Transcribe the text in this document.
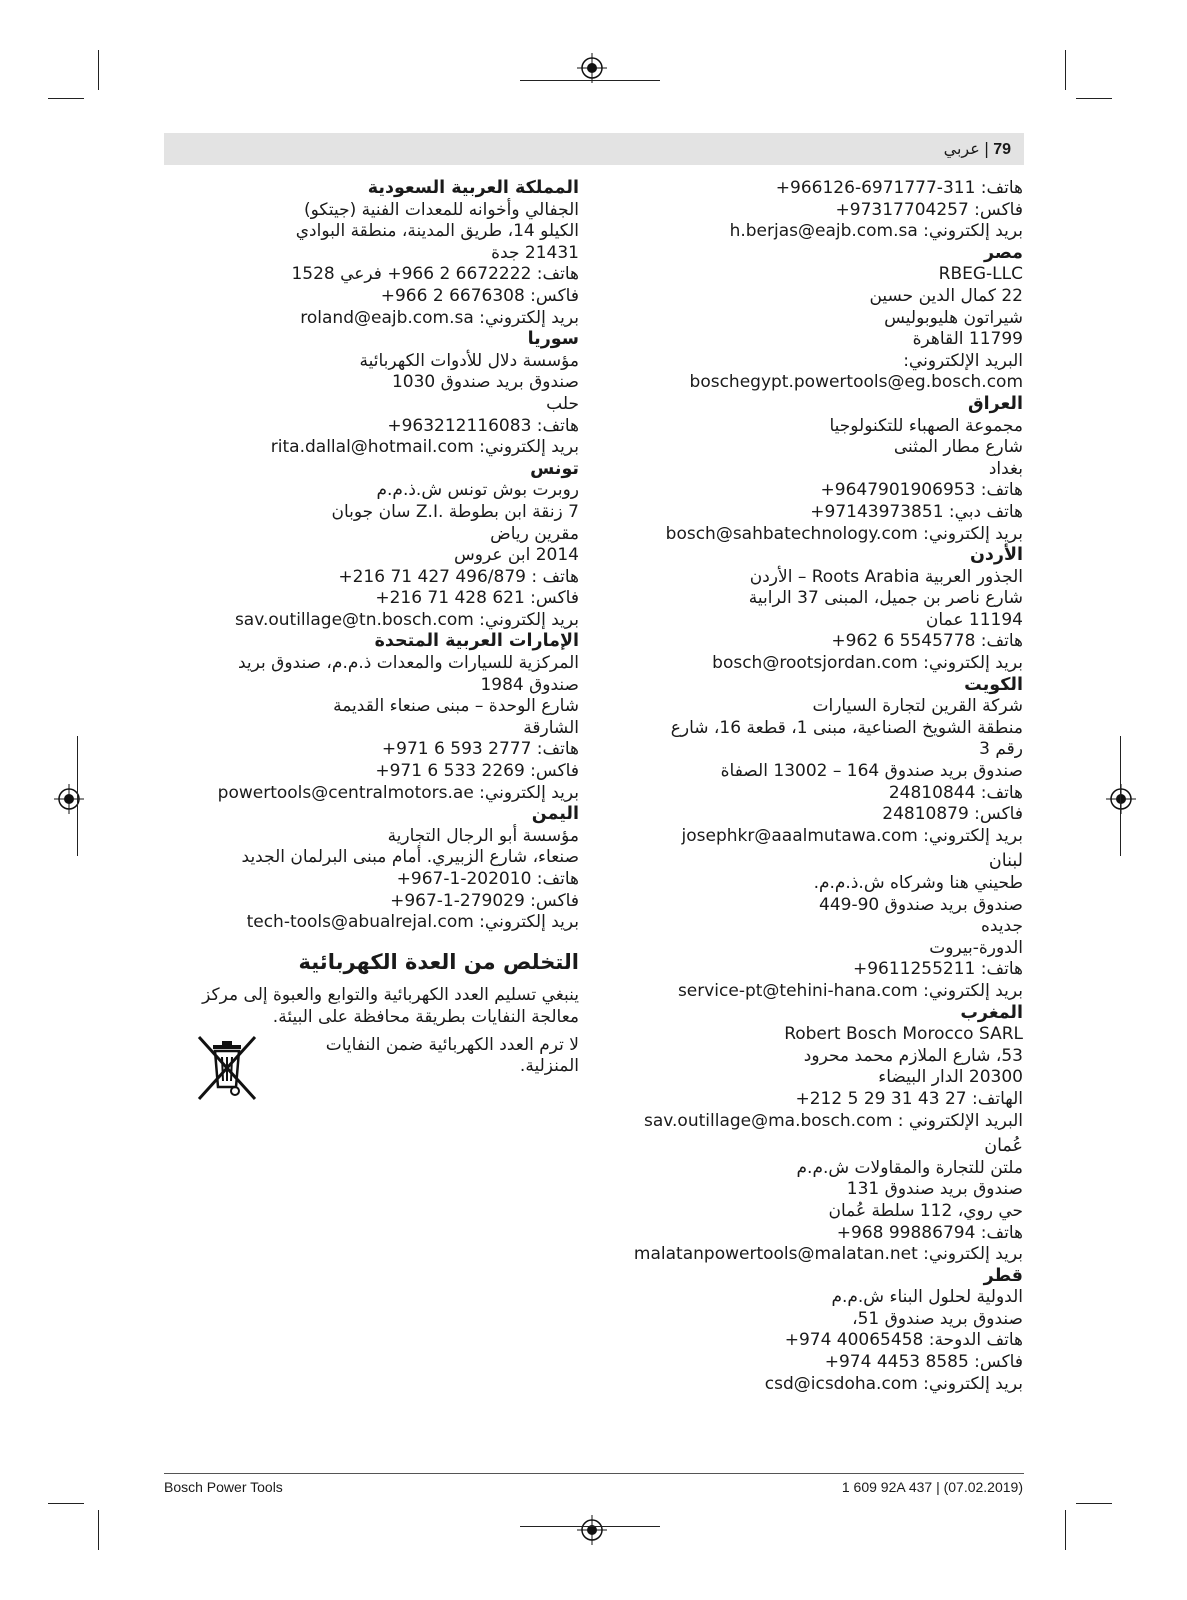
79|عربي
هاتف: 311-6971777-966126+
فاكس: 97317704257+
بريد إلكتروني: h.berjas@eajb.com.sa
مصر
RBEG-LLC
22 كمال الدين حسين
شيراتون هليوبوليس
11799 القاهرة
البريد الإلكتروني:
boschegypt.powertools@eg.bosch.com
العراق
مجموعة الصهباء للتكنولوجيا
شارع مطار المثنى
بغداد
هاتف: 9647901906953+
هاتف دبي: 97143973851+
بريد إلكتروني: bosch@sahbatechnology.com
الأردن
الجذور العربية Roots Arabia – الأردن
شارع ناصر بن جميل، المبنى 37 الرابية
11194 عمان
هاتف: 5545778 6 962+
بريد إلكتروني: bosch@rootsjordan.com
الكويت
شركة القرين لتجارة السيارات
منطقة الشويخ الصناعية، مبنى 1، قطعة 16، شارع
رقم 3
صندوق بريد صندوق 164 – 13002 الصفاة
هاتف: 24810844
فاكس: 24810879
بريد إلكتروني: josephkr@aaalmutawa.com
لبنان
طحيني هنا وشركاه ش.ذ.م.م.
صندوق بريد صندوق 90-449
جديده
الدورة-بيروت
هاتف: 9611255211+
بريد إلكتروني: service-pt@tehini-hana.com
المغرب
Robert Bosch Morocco SARL
53، شارع الملازم محمد محرود
20300 الدار البيضاء
الهاتف: 27 43 31 29 5 212+
البريد الإلكتروني : sav.outillage@ma.bosch.com
عُمان
ملتن للتجارة والمقاولات ش.م.م
صندوق بريد صندوق 131
حي روي، 112 سلطة عُمان
هاتف: 99886794 968+
بريد إلكتروني: malatanpowertools@malatan.net
قطر
الدولية لحلول البناء ش.م.م
صندوق بريد صندوق 51،
هاتف الدوحة: 40065458 974+
فاكس: 8585 4453 974+
بريد إلكتروني: csd@icsdoha.com
المملكة العربية السعودية
الجفالي وأخوانه للمعدات الفنية (جيتكو)
الكيلو 14، طريق المدينة، منطقة البوادي
21431 جدة
هاتف: 6672222 2 966+ فرعي 1528
فاكس: 6676308 2 966+
بريد إلكتروني: roland@eajb.com.sa
سوريا
مؤسسة دلال للأدوات الكهربائية
صندوق بريد صندوق 1030
حلب
هاتف: 963212116083+
بريد إلكتروني: rita.dallal@hotmail.com
تونس
روبرت بوش تونس ش.ذ.م.م
7 زنقة ابن بطوطة .Z.I سان جوبان
مقرين رياض
2014 ابن عروس
هاتف : 496/879 427 71 216+
فاكس: 621 428 71 216+
بريد إلكتروني: sav.outillage@tn.bosch.com
الإمارات العربية المتحدة
المركزية للسيارات والمعدات ذ.م.م، صندوق بريد
صندوق 1984
شارع الوحدة – مبنى صنعاء القديمة
الشارقة
هاتف: 2777 593 6 971+
فاكس: 2269 533 6 971+
بريد إلكتروني: powertools@centralmotors.ae
اليمن
مؤسسة أبو الرجال التجارية
صنعاء، شارع الزبيري. أمام مبنى البرلمان الجديد
هاتف: 202010-1-967+
فاكس: 279029-1-967+
بريد إلكتروني: tech-tools@abualrejal.com
التخلص من العدة الكهربائية

ينبغي تسليم العدد الكهربائية والتوابع والعبوة إلى مركز معالجة النفايات بطريقة محافظة على البيئة.

لا ترم العدد الكهربائية ضمن النفايات المنزلية.
Bosch Power Tools	1 609 92A 437 | (07.02.2019)
